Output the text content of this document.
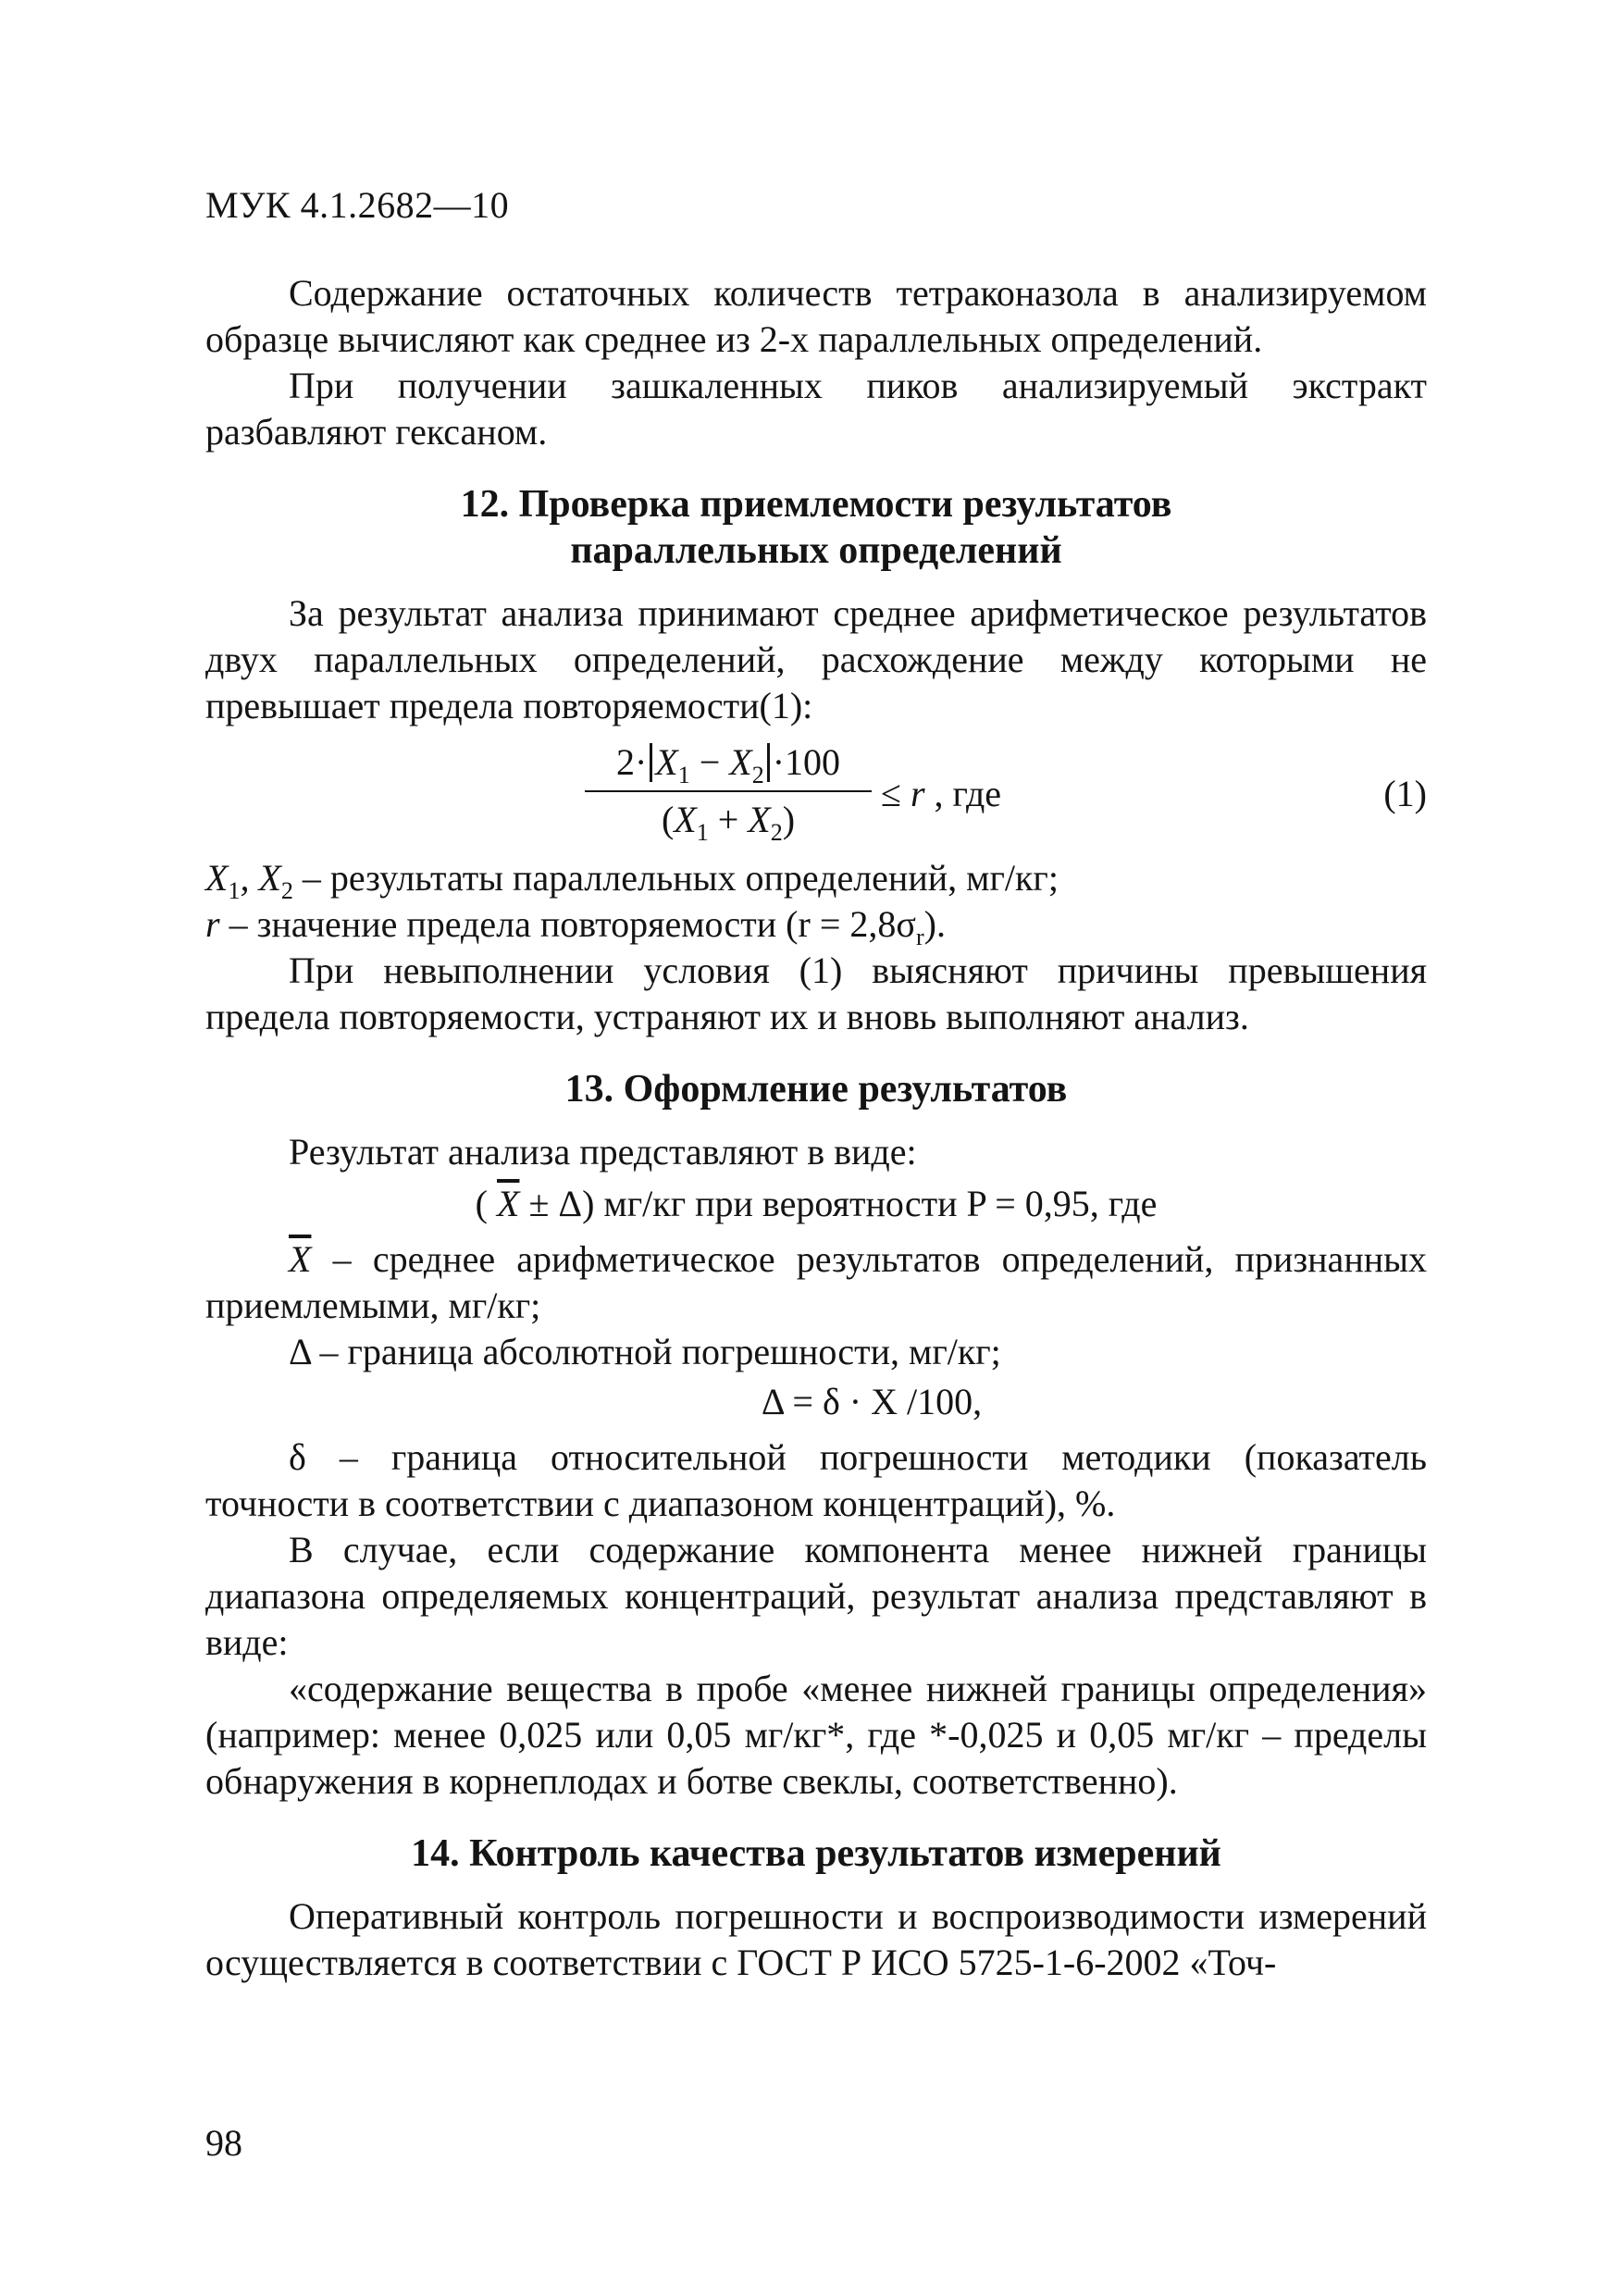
МУК 4.1.2682—10

Содержание остаточных количеств тетраконазола в анализируемом образце вычисляют как среднее из 2-х параллельных определений.

При получении зашкаленных пиков анализируемый экстракт разбавляют гексаном.

12. Проверка приемлемости результатов
параллельных определений

За результат анализа принимают среднее арифметическое результатов двух параллельных определений, расхождение между которыми не превышает предела повторяемости(1):

$2\cdot X_1 - X_2 \cdot 100$
$(X_1 + X_2)$
≤ r , где	(1)

$X_1$, $X_2$ – результаты параллельных определений, мг/кг;

r – значение предела повторяемости $(r = 2,8\sigma_r)$.

При невыполнении условия (1) выясняют причины превышения предела повторяемости, устраняют их и вновь выполняют анализ.

13. Оформление результатов

Результат анализа представляют в виде:

( $\overline{X} \pm \Delta$) мг/кг при вероятности P = 0,95, где

$\overline{X}$ – среднее арифметическое результатов определений, признанных приемлемыми, мг/кг;

Δ – граница абсолютной погрешности, мг/кг;

Δ = δ · X /100,

δ – граница относительной погрешности методики (показатель точности в соответствии с диапазоном концентраций), %.

В случае, если содержание компонента менее нижней границы диапазона определяемых концентраций, результат анализа представляют в виде:

«содержание вещества в пробе «менее нижней границы определения» (например: менее 0,025 или 0,05 мг/кг*, где *-0,025 и 0,05 мг/кг – пределы обнаружения в корнеплодах и ботве свеклы, соответственно).

14. Контроль качества результатов измерений

Оперативный контроль погрешности и воспроизводимости измерений осуществляется в соответствии с ГОСТ Р ИСО 5725-1-6-2002 «Точ-

98
